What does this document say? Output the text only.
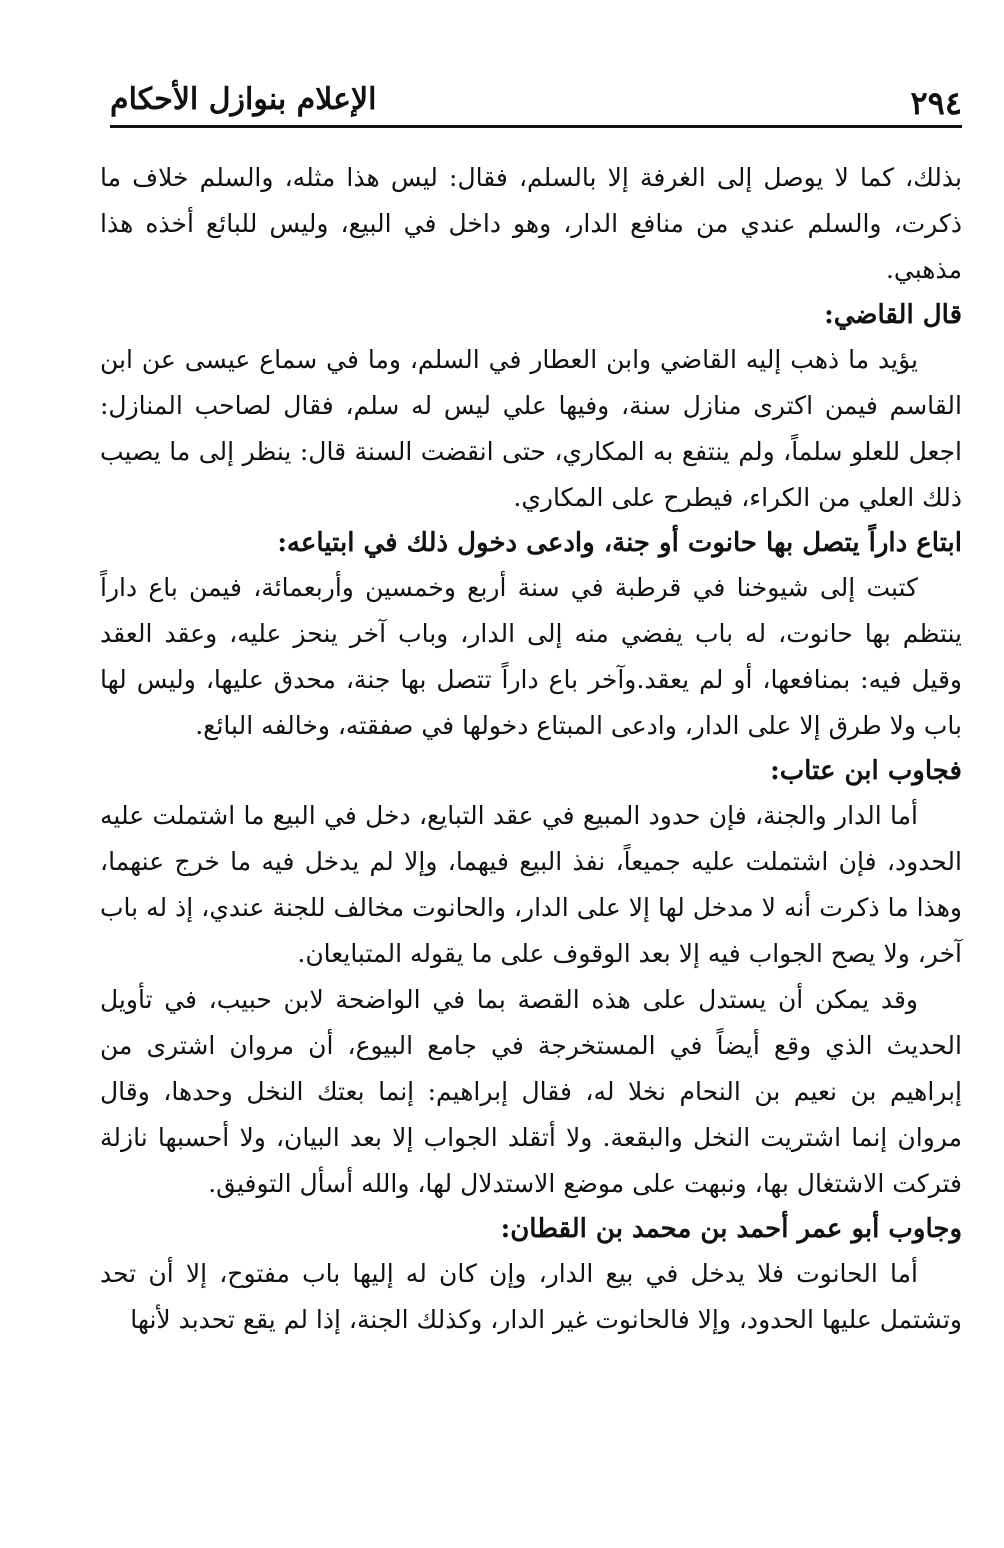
الإعلام بنوازل الأحكام	٢٩٤

بذلك، كما لا يوصل إلى الغرفة إلا بالسلم، فقال: ليس هذا مثله، والسلم خلاف ما ذكرت، والسلم عندي من منافع الدار، وهو داخل في البيع، وليس للبائع أخذه هذا مذهبي.

قال القاضي:

يؤيد ما ذهب إليه القاضي وابن العطار في السلم، وما في سماع عيسى عن ابن القاسم فيمن اكترى منازل سنة، وفيها علي ليس له سلم، فقال لصاحب المنازل: اجعل للعلو سلماً، ولم ينتفع به المكاري، حتى انقضت السنة قال: ينظر إلى ما يصيب ذلك العلي من الكراء، فيطرح على المكاري.

ابتاع داراً يتصل بها حانوت أو جنة، وادعى دخول ذلك في ابتياعه:

كتبت إلى شيوخنا في قرطبة في سنة أربع وخمسين وأربعمائة، فيمن باع داراً ينتظم بها حانوت، له باب يفضي منه إلى الدار، وباب آخر ينحز عليه، وعقد العقد وقيل فيه: بمنافعها، أو لم يعقد.وآخر باع داراً تتصل بها جنة، محدق عليها، وليس لها باب ولا طرق إلا على الدار، وادعى المبتاع دخولها في صفقته، وخالفه البائع.

فجاوب ابن عتاب:

أما الدار والجنة، فإن حدود المبيع في عقد التبايع، دخل في البيع ما اشتملت عليه الحدود، فإن اشتملت عليه جميعاً، نفذ البيع فيهما، وإلا لم يدخل فيه ما خرج عنهما، وهذا ما ذكرت أنه لا مدخل لها إلا على الدار، والحانوت مخالف للجنة عندي، إذ له باب آخر، ولا يصح الجواب فيه إلا بعد الوقوف على ما يقوله المتبايعان.

وقد يمكن أن يستدل على هذه القصة بما في الواضحة لابن حبيب، في تأويل الحديث الذي وقع أيضاً في المستخرجة في جامع البيوع، أن مروان اشترى من إبراهيم بن نعيم بن النحام نخلا له، فقال إبراهيم: إنما بعتك النخل وحدها، وقال مروان إنما اشتريت النخل والبقعة. ولا أتقلد الجواب إلا بعد البيان، ولا أحسبها نازلة فتركت الاشتغال بها، ونبهت على موضع الاستدلال لها، والله أسأل التوفيق.

وجاوب أبو عمر أحمد بن محمد بن القطان:

أما الحانوت فلا يدخل في بيع الدار، وإن كان له إليها باب مفتوح، إلا أن تحد وتشتمل عليها الحدود، وإلا فالحانوت غير الدار، وكذلك الجنة، إذا لم يقع تحدبد لأنها
